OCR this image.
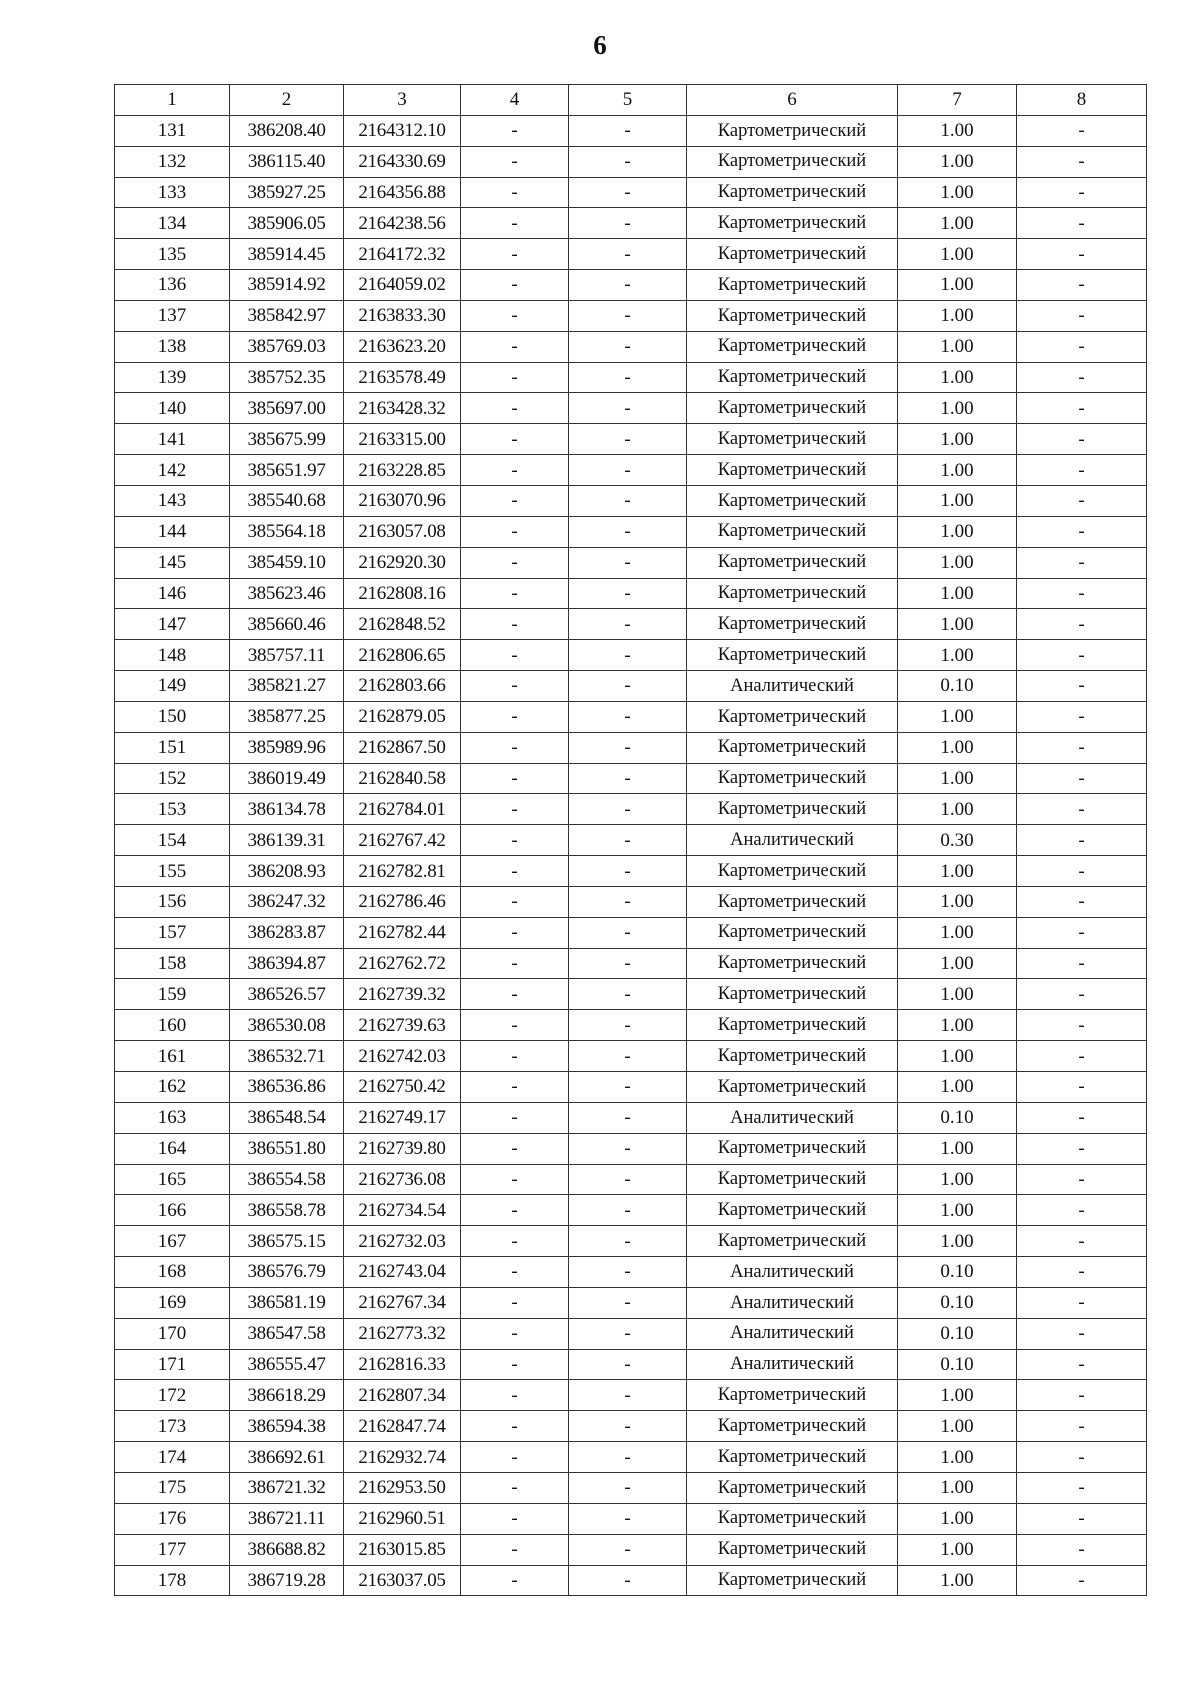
6
1	2	3	4	5	6	7	8
131	386208.40	2164312.10	-	-	Картометрический	1.00	-
132	386115.40	2164330.69	-	-	Картометрический	1.00	-
133	385927.25	2164356.88	-	-	Картометрический	1.00	-
134	385906.05	2164238.56	-	-	Картометрический	1.00	-
135	385914.45	2164172.32	-	-	Картометрический	1.00	-
136	385914.92	2164059.02	-	-	Картометрический	1.00	-
137	385842.97	2163833.30	-	-	Картометрический	1.00	-
138	385769.03	2163623.20	-	-	Картометрический	1.00	-
139	385752.35	2163578.49	-	-	Картометрический	1.00	-
140	385697.00	2163428.32	-	-	Картометрический	1.00	-
141	385675.99	2163315.00	-	-	Картометрический	1.00	-
142	385651.97	2163228.85	-	-	Картометрический	1.00	-
143	385540.68	2163070.96	-	-	Картометрический	1.00	-
144	385564.18	2163057.08	-	-	Картометрический	1.00	-
145	385459.10	2162920.30	-	-	Картометрический	1.00	-
146	385623.46	2162808.16	-	-	Картометрический	1.00	-
147	385660.46	2162848.52	-	-	Картометрический	1.00	-
148	385757.11	2162806.65	-	-	Картометрический	1.00	-
149	385821.27	2162803.66	-	-	Аналитический	0.10	-
150	385877.25	2162879.05	-	-	Картометрический	1.00	-
151	385989.96	2162867.50	-	-	Картометрический	1.00	-
152	386019.49	2162840.58	-	-	Картометрический	1.00	-
153	386134.78	2162784.01	-	-	Картометрический	1.00	-
154	386139.31	2162767.42	-	-	Аналитический	0.30	-
155	386208.93	2162782.81	-	-	Картометрический	1.00	-
156	386247.32	2162786.46	-	-	Картометрический	1.00	-
157	386283.87	2162782.44	-	-	Картометрический	1.00	-
158	386394.87	2162762.72	-	-	Картометрический	1.00	-
159	386526.57	2162739.32	-	-	Картометрический	1.00	-
160	386530.08	2162739.63	-	-	Картометрический	1.00	-
161	386532.71	2162742.03	-	-	Картометрический	1.00	-
162	386536.86	2162750.42	-	-	Картометрический	1.00	-
163	386548.54	2162749.17	-	-	Аналитический	0.10	-
164	386551.80	2162739.80	-	-	Картометрический	1.00	-
165	386554.58	2162736.08	-	-	Картометрический	1.00	-
166	386558.78	2162734.54	-	-	Картометрический	1.00	-
167	386575.15	2162732.03	-	-	Картометрический	1.00	-
168	386576.79	2162743.04	-	-	Аналитический	0.10	-
169	386581.19	2162767.34	-	-	Аналитический	0.10	-
170	386547.58	2162773.32	-	-	Аналитический	0.10	-
171	386555.47	2162816.33	-	-	Аналитический	0.10	-
172	386618.29	2162807.34	-	-	Картометрический	1.00	-
173	386594.38	2162847.74	-	-	Картометрический	1.00	-
174	386692.61	2162932.74	-	-	Картометрический	1.00	-
175	386721.32	2162953.50	-	-	Картометрический	1.00	-
176	386721.11	2162960.51	-	-	Картометрический	1.00	-
177	386688.82	2163015.85	-	-	Картометрический	1.00	-
178	386719.28	2163037.05	-	-	Картометрический	1.00	-
